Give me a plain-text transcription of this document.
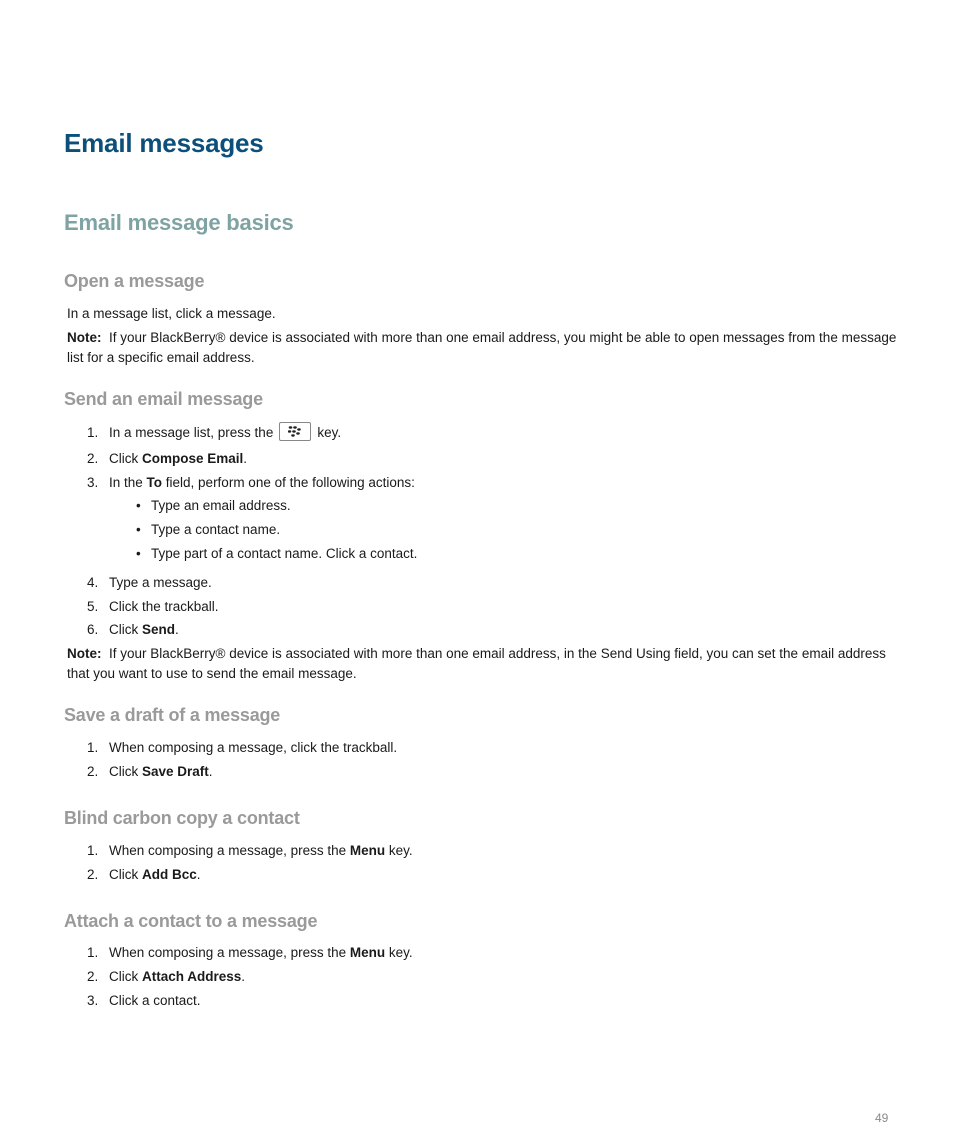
Email messages
Email message basics
Open a message

In a message list, click a message.

Note: If your BlackBerry® device is associated with more than one email address, you might be able to open messages from the message list for a specific email address.

Send an email message
1. In a message list, press the	key.
2. Click Compose Email.
3. In the To field, perform one of the following actions:
• Type an email address.
• Type a contact name.
• Type part of a contact name. Click a contact.
4. Type a message.
5. Click the trackball.
6. Click Send.

Note: If your BlackBerry® device is associated with more than one email address, in the Send Using field, you can set the email address that you want to use to send the email message.

Save a draft of a message
1. When composing a message, click the trackball.
2. Click Save Draft.
Blind carbon copy a contact
1. When composing a message, press the Menu key.
2. Click Add Bcc.
Attach a contact to a message
1. When composing a message, press the Menu key.
2. Click Attach Address.
3. Click a contact.
49
